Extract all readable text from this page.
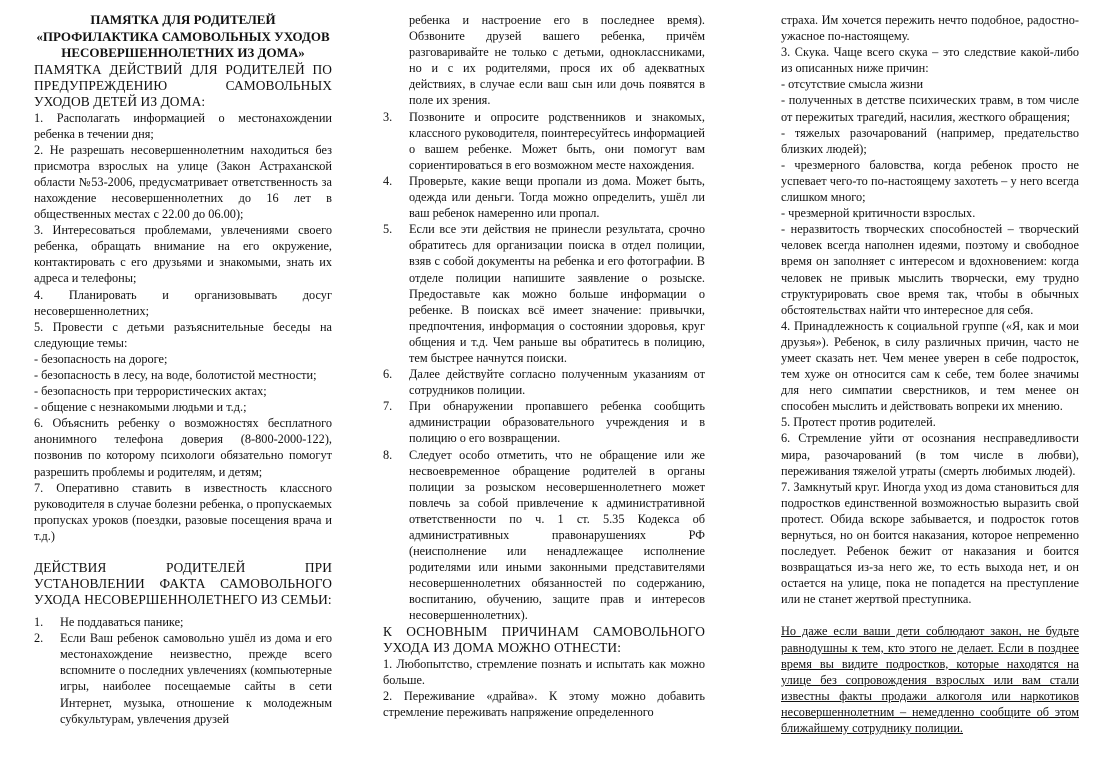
ПАМЯТКА ДЛЯ РОДИТЕЛЕЙ
«ПРОФИЛАКТИКА САМОВОЛЬНЫХ УХОДОВ
НЕСОВЕРШЕННОЛЕТНИХ ИЗ ДОМА»

ПАМЯТКА ДЕЙСТВИЙ ДЛЯ РОДИТЕЛЕЙ ПО ПРЕДУПРЕЖДЕНИЮ САМОВОЛЬНЫХ УХОДОВ ДЕТЕЙ ИЗ ДОМА:

1. Располагать информацией о местонахождении ребенка в течении дня;

2. Не разрешать несовершеннолетним находиться без присмотра взрослых на улице (Закон Астраханской области №53-2006, предусматривает ответственность за нахождение несовершеннолетних до 16 лет в общественных местах с 22.00 до 06.00);

3. Интересоваться проблемами, увлечениями своего ребенка, обращать внимание на его окружение, контактировать с его друзьями и знакомыми, знать их адреса и телефоны;

4. Планировать и организовывать досуг несовершеннолетних;

5. Провести с детьми разъяснительные беседы на следующие темы:

- безопасность на дороге;

- безопасность в лесу, на воде, болотистой местности;

- безопасность при террористических актах;

- общение с незнакомыми людьми и т.д.;

6. Объяснить ребенку о возможностях бесплатного анонимного телефона доверия (8-800-2000-122), позвонив по которому психологи обязательно помогут разрешить проблемы и родителям, и детям;

7. Оперативно ставить в известность классного руководителя в случае болезни ребенка, о пропускаемых пропусках уроков (поездки, разовые посещения врача и т.д.)

ДЕЙСТВИЯ РОДИТЕЛЕЙ ПРИ УСТАНОВЛЕНИИ ФАКТА САМОВОЛЬНОГО УХОДА НЕСОВЕРШЕННОЛЕТНЕГО ИЗ СЕМЬИ:

1. Не поддаваться панике;
2. Если Ваш ребенок самовольно ушёл из дома и его местонахождение неизвестно, прежде всего вспомните о последних увлечениях (компьютерные игры, наиболее посещаемые сайты в сети Интернет, музыка, отношение к молодежным субкультурам, увлечения друзей

ребенка и настроение его в последнее время). Обзвоните друзей вашего ребенка, причём разговаривайте не только с детьми, одноклассниками, но и с их родителями, прося их об адекватных действиях, в случае если ваш сын или дочь появятся в поле их зрения.

3. Позвоните и опросите родственников и знакомых, классного руководителя, поинтересуйтесь информацией о вашем ребенке. Может быть, они помогут вам сориентироваться в его возможном месте нахождения.
4. Проверьте, какие вещи пропали из дома. Может быть, одежда или деньги. Тогда можно определить, ушёл ли ваш ребенок намеренно или пропал.
5. Если все эти действия не принесли результата, срочно обратитесь для организации поиска в отдел полиции, взяв с собой документы на ребенка и его фотографии. В отделе полиции напишите заявление о розыске. Предоставьте как можно больше информации о ребенке. В поисках всё имеет значение: привычки, предпочтения, информация о состоянии здоровья, круг общения и т.д. Чем раньше вы обратитесь в полицию, тем быстрее начнутся поиски.
6. Далее действуйте согласно полученным указаниям от сотрудников полиции.
7. При обнаружении пропавшего ребенка сообщить администрации образовательного учреждения и в полицию о его возвращении.
8. Следует особо отметить, что не обращение или же несвоевременное обращение родителей в органы полиции за розыском несовершеннолетнего может повлечь за собой привлечение к административной ответственности по ч. 1 ст. 5.35 Кодекса об административных правонарушениях РФ (неисполнение или ненадлежащее исполнение родителями или иными законными представителями несовершеннолетних обязанностей по содержанию, воспитанию, обучению, защите прав и интересов несовершеннолетних).

К ОСНОВНЫМ ПРИЧИНАМ САМОВОЛЬНОГО УХОДА ИЗ ДОМА МОЖНО ОТНЕСТИ:

1. Любопытство, стремление познать и испытать как можно больше.

2. Переживание «драйва». К этому можно добавить стремление переживать напряжение определенного

страха. Им хочется пережить нечто подобное, радостно-ужасное по-настоящему.

3. Скука. Чаще всего скука – это следствие какой-либо из описанных ниже причин:

- отсутствие смысла жизни

- полученных в детстве психических травм, в том числе от пережитых трагедий, насилия, жесткого обращения;

- тяжелых разочарований (например, предательство близких людей);

- чрезмерного баловства, когда ребенок просто не успевает чего-то по-настоящему захотеть – у него всегда слишком много;

- чрезмерной критичности взрослых.

- неразвитость творческих способностей – творческий человек всегда наполнен идеями, поэтому и свободное время он заполняет с интересом и вдохновением: когда человек не привык мыслить творчески, ему трудно структурировать свое время так, чтобы в обычных обстоятельствах найти что интересное для себя.

4. Принадлежность к социальной группе («Я, как и мои друзья»). Ребенок, в силу различных причин, часто не умеет сказать нет. Чем менее уверен в себе подросток, тем хуже он относится сам к себе, тем более значимы для него симпатии сверстников, и тем менее он способен мыслить и действовать вопреки их мнению.

5. Протест против родителей.

6. Стремление уйти от осознания несправедливости мира, разочарований (в том числе в любви), переживания тяжелой утраты (смерть любимых людей).

7. Замкнутый круг. Иногда уход из дома становиться для подростков единственной возможностью выразить свой протест. Обида вскоре забывается, и подросток готов вернуться, но он боится наказания, которое непременно последует. Ребенок бежит от наказания и боится возвращаться из-за него же, то есть выхода нет, и он остается на улице, пока не попадется на преступление или не станет жертвой преступника.

Но даже если ваши дети соблюдают закон, не будьте равнодушны к тем, кто этого не делает. Если в позднее время вы видите подростков, которые находятся на улице без сопровождения взрослых или вам стали известны факты продажи алкоголя или наркотиков несовершеннолетним – немедленно сообщите об этом ближайшему сотруднику полиции.
